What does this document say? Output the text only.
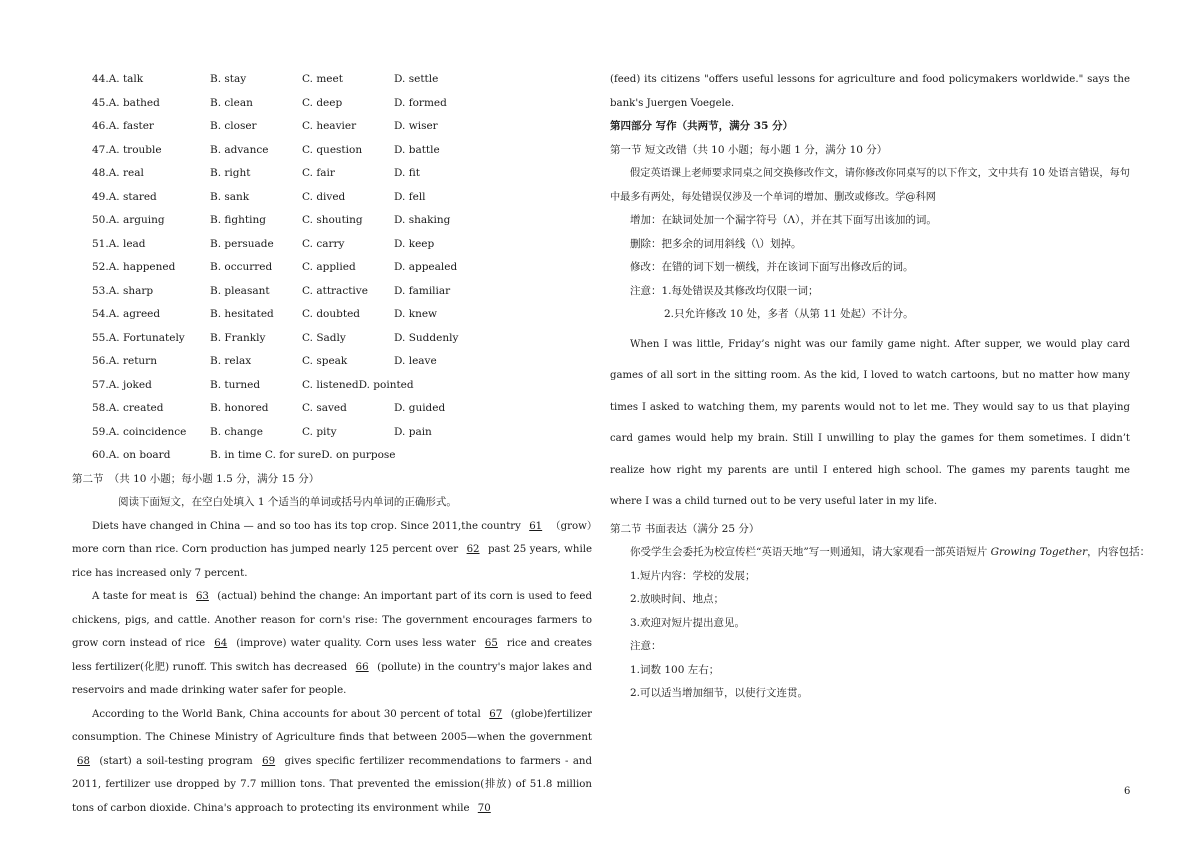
44.A. talk	B. stay	C. meet	D. settle
45.A. bathed	B. clean	C. deep	D. formed
46.A. faster	B. closer	C. heavier	D. wiser
47.A. trouble	B. advance	C. question	D. battle
48.A. real	B. right	C. fair	D. fit
49.A. stared	B. sank	C. dived	D. fell
50.A. arguing	B. fighting	C. shouting	D. shaking
51.A. lead	B. persuade	C. carry	D. keep
52.A. happened	B. occurred	C. applied	D. appealed
53.A. sharp	B. pleasant	C. attractive D. familiar
54.A. agreed	B. hesitated	C. doubted	D. knew
55.A. Fortunately B. Frankly	C. Sadly	D. Suddenly
56.A. return	B. relax	C. speak	D. leave
57.A. joked	B. turned	C. listenedD. pointed
58.A. created	B. honored	C. saved	D. guided
59.A. coincidence B. change	C. pity	D. pain
60.A. on board	B. in time C. for sureD. on purpose
第二节　（共 10 小题；每小题 1.5 分，满分 15 分）
阅读下面短文，在空白处填入 1 个适当的单词或括号内单词的正确形式。

Diets have changed in China — and so too has its top crop. Since 2011,the country 61 （grow）more corn than rice. Corn production has jumped nearly 125 percent over 62 past 25 years, while rice has increased only 7 percent.

A taste for meat is 63 (actual) behind the change: An important part of its corn is used to feed chickens, pigs, and cattle. Another reason for corn's rise: The government encourages farmers to grow corn instead of rice 64 (improve) water quality. Corn uses less water 65 rice and creates less fertilizer(化肥) runoff. This switch has decreased 66 (pollute) in the country's major lakes and reservoirs and made drinking water safer for people.

According to the World Bank, China accounts for about 30 percent of total 67 (globe)fertilizer consumption. The Chinese Ministry of Agriculture finds that between 2005—when the government 68 (start) a soil-testing program 69 gives specific fertilizer recommendations to farmers - and 2011, fertilizer use dropped by 7.7 million tons. That prevented the emission(排放) of 51.8 million tons of carbon dioxide. China's approach to protecting its environment while 70

(feed) its citizens "offers useful lessons for agriculture and food policymakers worldwide." says the bank's Juergen Voegele.

第四部分 写作（共两节，满分 35 分）
第一节 短文改错（共 10 小题；每小题 1 分，满分 10 分）

假定英语课上老师要求同桌之间交换修改作文，请你修改你同桌写的以下作文，文中共有 10 处语言错误，每句中最多有两处，每处错误仅涉及一个单词的增加、删改或修改。学@科网

增加：在缺词处加一个漏字符号（Λ），并在其下面写出该加的词。
删除：把多余的词用斜线（\）划掉。
修改：在错的词下划一横线，并在该词下面写出修改后的词。
注意：1.每处错误及其修改均仅限一词；
2.只允许修改 10 处，多者（从第 11 处起）不计分。

When I was little, Friday’s night was our family game night. After supper, we would play card games of all sort in the sitting room. As the kid, I loved to watch cartoons, but no matter how many times I asked to watching them, my parents would not to let me. They would say to us that playing card games would help my brain. Still I unwilling to play the games for them sometimes. I didn’t realize how right my parents are until I entered high school. The games my parents taught me where I was a child turned out to be very useful later in my life.

第二节 书面表达（满分 25 分）
你受学生会委托为校宣传栏“英语天地”写一则通知，请大家观看一部英语短片 Growing Together，内容包括：
1.短片内容：学校的发展；
2.放映时间、地点；
3.欢迎对短片提出意见。
注意：
1.词数 100 左右；
2.可以适当增加细节，以使行文连贯。
6
